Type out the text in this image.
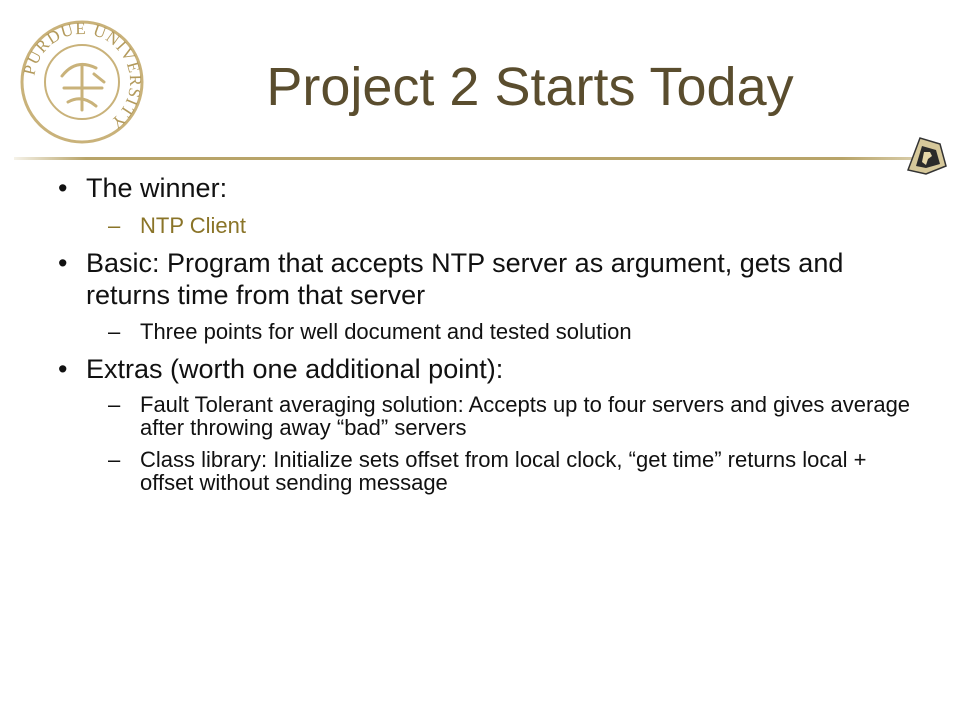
PURDUE UNIVERSITY
Project 2 Starts Today
• The winner:
– NTP Client
• Basic: Program that accepts NTP server as argument, gets and returns time from that server
– Three points for well document and tested solution
• Extras (worth one additional point):
– Fault Tolerant averaging solution: Accepts up to four servers and gives average after throwing away “bad” servers
– Class library: Initialize sets offset from local clock, “get time” returns local + offset without sending message
